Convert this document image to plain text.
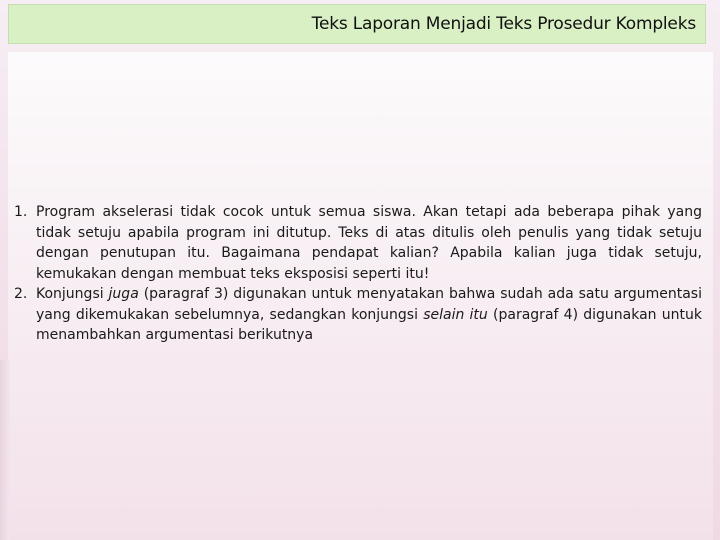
Teks Laporan Menjadi Teks Prosedur Kompleks
1. Program akselerasi tidak cocok untuk semua siswa. Akan tetapi ada beberapa pihak yang tidak setuju apabila program ini ditutup. Teks di atas ditulis oleh penulis yang tidak setuju dengan penutupan itu. Bagaimana pendapat kalian? Apabila kalian juga tidak setuju, kemukakan dengan membuat teks eksposisi seperti itu!
2. Konjungsi juga (paragraf 3) digunakan untuk menyatakan bahwa sudah ada satu argumentasi yang dikemukakan sebelumnya, sedangkan konjungsi selain itu (paragraf 4) digunakan untuk menambahkan argumentasi berikutnya
